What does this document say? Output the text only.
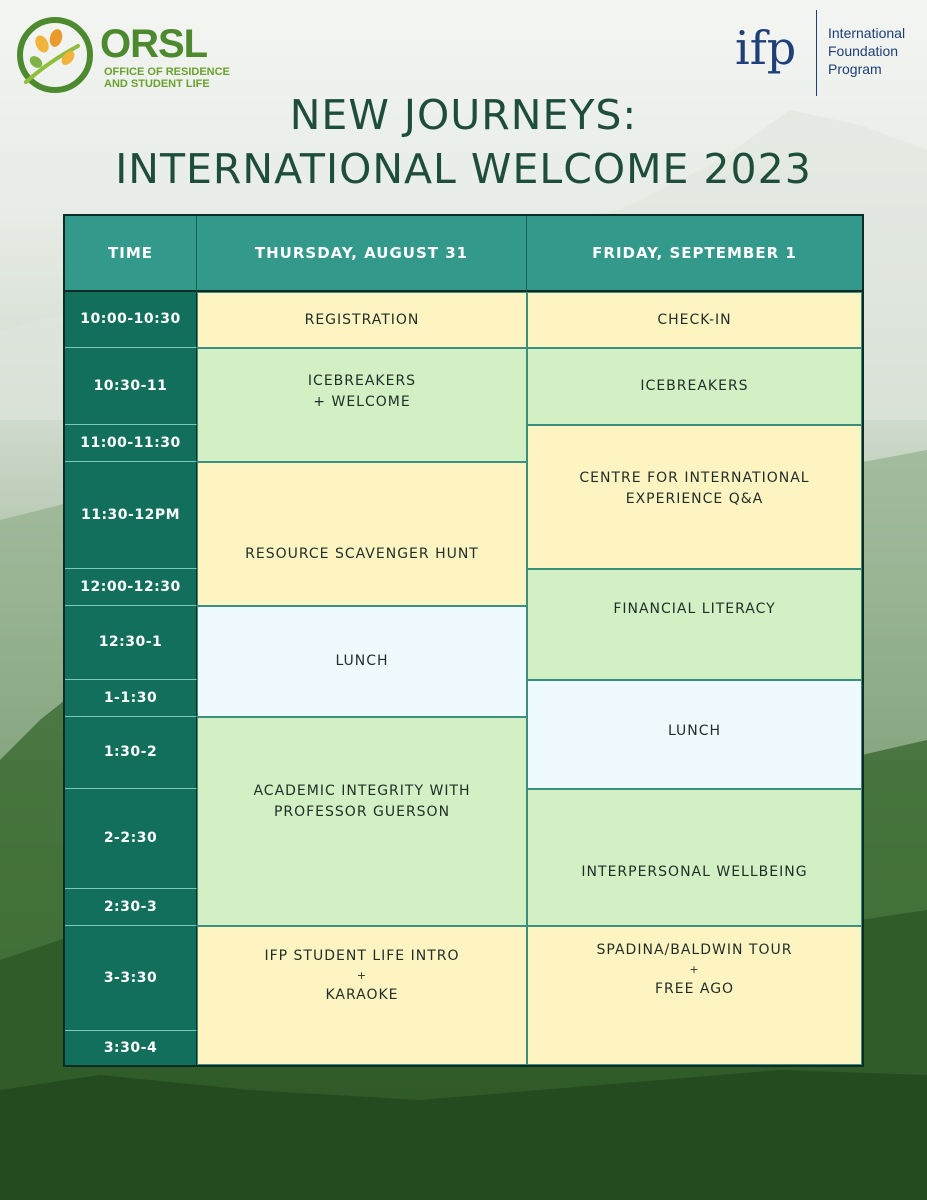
ORSL
OFFICE OF RESIDENCE
AND STUDENT LIFE
ifp International
Foundation
Program
NEW JOURNEYS:
INTERNATIONAL WELCOME 2023
TIME	THURSDAY, AUGUST 31	FRIDAY, SEPTEMBER 1
10:00-10:30
10:30-11
11:00-11:30
11:30-12PM
12:00-12:30
12:30-1
1-1:30
1:30-2
2-2:30
2:30-3
3-3:30
3:30-4
REGISTRATION
ICEBREAKERS
+ WELCOME
RESOURCE SCAVENGER HUNT
LUNCH
ACADEMIC INTEGRITY WITH
PROFESSOR GUERSON
IFP STUDENT LIFE INTRO
+
KARAOKE
CHECK-IN
ICEBREAKERS
CENTRE FOR INTERNATIONAL
EXPERIENCE Q&A
FINANCIAL LITERACY
LUNCH
INTERPERSONAL WELLBEING
SPADINA/BALDWIN TOUR
+
FREE AGO
